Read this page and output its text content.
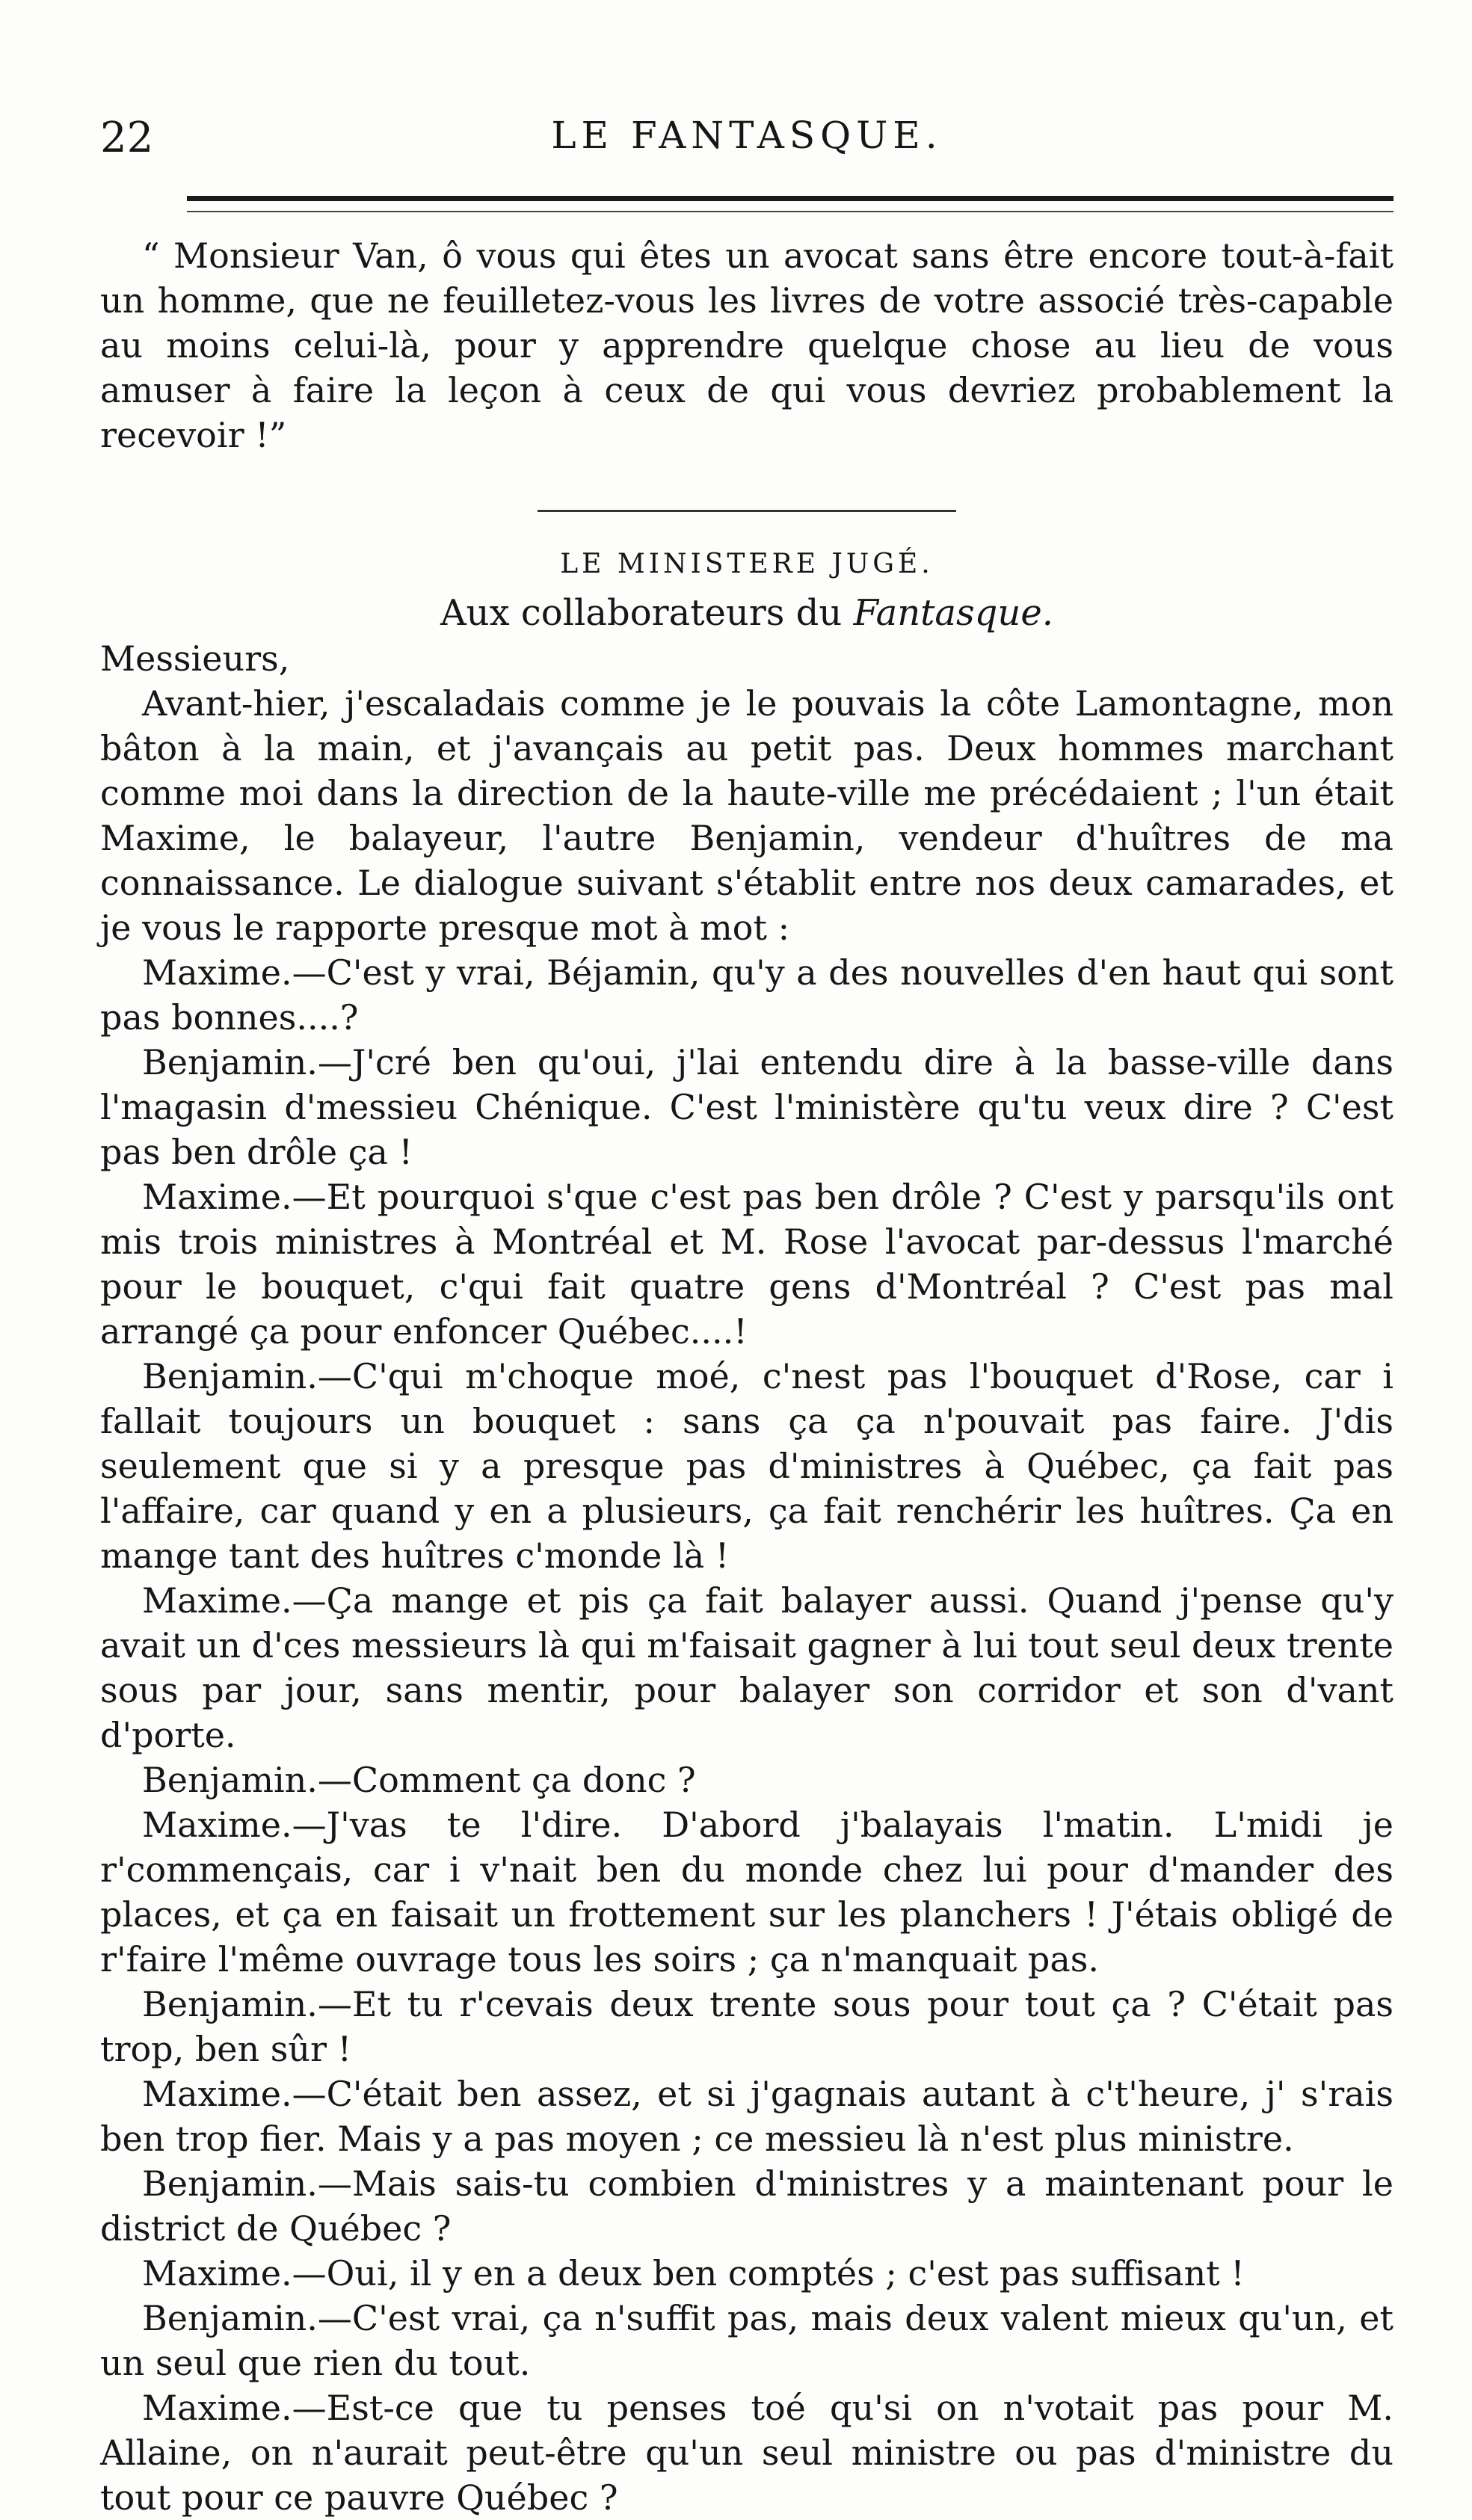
22	LE FANTASQUE.

“ Monsieur Van, ô vous qui êtes un avocat sans être encore tout-à-fait un homme, que ne feuilletez-vous les livres de votre associé très-capable au moins celui-là, pour y apprendre quelque chose au lieu de vous amuser à faire la leçon à ceux de qui vous devriez probablement la recevoir !”

LE MINISTERE JUGÉ.

Aux collaborateurs du Fantasque.

Messieurs,

Avant-hier, j'escaladais comme je le pouvais la côte Lamontagne, mon bâton à la main, et j'avançais au petit pas. Deux hommes marchant comme moi dans la direction de la haute-ville me précédaient ; l'un était Maxime, le balayeur, l'autre Benjamin, vendeur d'huîtres de ma connaissance. Le dialogue suivant s'établit entre nos deux camarades, et je vous le rapporte presque mot à mot :

Maxime.—C'est y vrai, Béjamin, qu'y a des nouvelles d'en haut qui sont pas bonnes....?

Benjamin.—J'cré ben qu'oui, j'lai entendu dire à la basse-ville dans l'magasin d'messieu Chénique. C'est l'ministère qu'tu veux dire ? C'est pas ben drôle ça !

Maxime.—Et pourquoi s'que c'est pas ben drôle ? C'est y parsqu'ils ont mis trois ministres à Montréal et M. Rose l'avocat par-dessus l'marché pour le bouquet, c'qui fait quatre gens d'Montréal ? C'est pas mal arrangé ça pour enfoncer Québec....!

Benjamin.—C'qui m'choque moé, c'nest pas l'bouquet d'Rose, car i fallait toujours un bouquet : sans ça ça n'pouvait pas faire. J'dis seulement que si y a presque pas d'ministres à Québec, ça fait pas l'affaire, car quand y en a plusieurs, ça fait renchérir les huîtres. Ça en mange tant des huîtres c'monde là !

Maxime.—Ça mange et pis ça fait balayer aussi. Quand j'pense qu'y avait un d'ces messieurs là qui m'faisait gagner à lui tout seul deux trente sous par jour, sans mentir, pour balayer son corridor et son d'vant d'porte.

Benjamin.—Comment ça donc ?

Maxime.—J'vas te l'dire. D'abord j'balayais l'matin. L'midi je r'commençais, car i v'nait ben du monde chez lui pour d'mander des places, et ça en faisait un frottement sur les planchers ! J'étais obligé de r'faire l'même ouvrage tous les soirs ; ça n'manquait pas.

Benjamin.—Et tu r'cevais deux trente sous pour tout ça ? C'était pas trop, ben sûr !

Maxime.—C'était ben assez, et si j'gagnais autant à c't'heure, j' s'rais ben trop fier. Mais y a pas moyen ; ce messieu là n'est plus ministre.

Benjamin.—Mais sais-tu combien d'ministres y a maintenant pour le district de Québec ?

Maxime.—Oui, il y en a deux ben comptés ; c'est pas suffisant !

Benjamin.—C'est vrai, ça n'suffit pas, mais deux valent mieux qu'un, et un seul que rien du tout.

Maxime.—Est-ce que tu penses toé qu'si on n'votait pas pour M. Allaine, on n'aurait peut-être qu'un seul ministre ou pas d'ministre du tout pour ce pauvre Québec ?
